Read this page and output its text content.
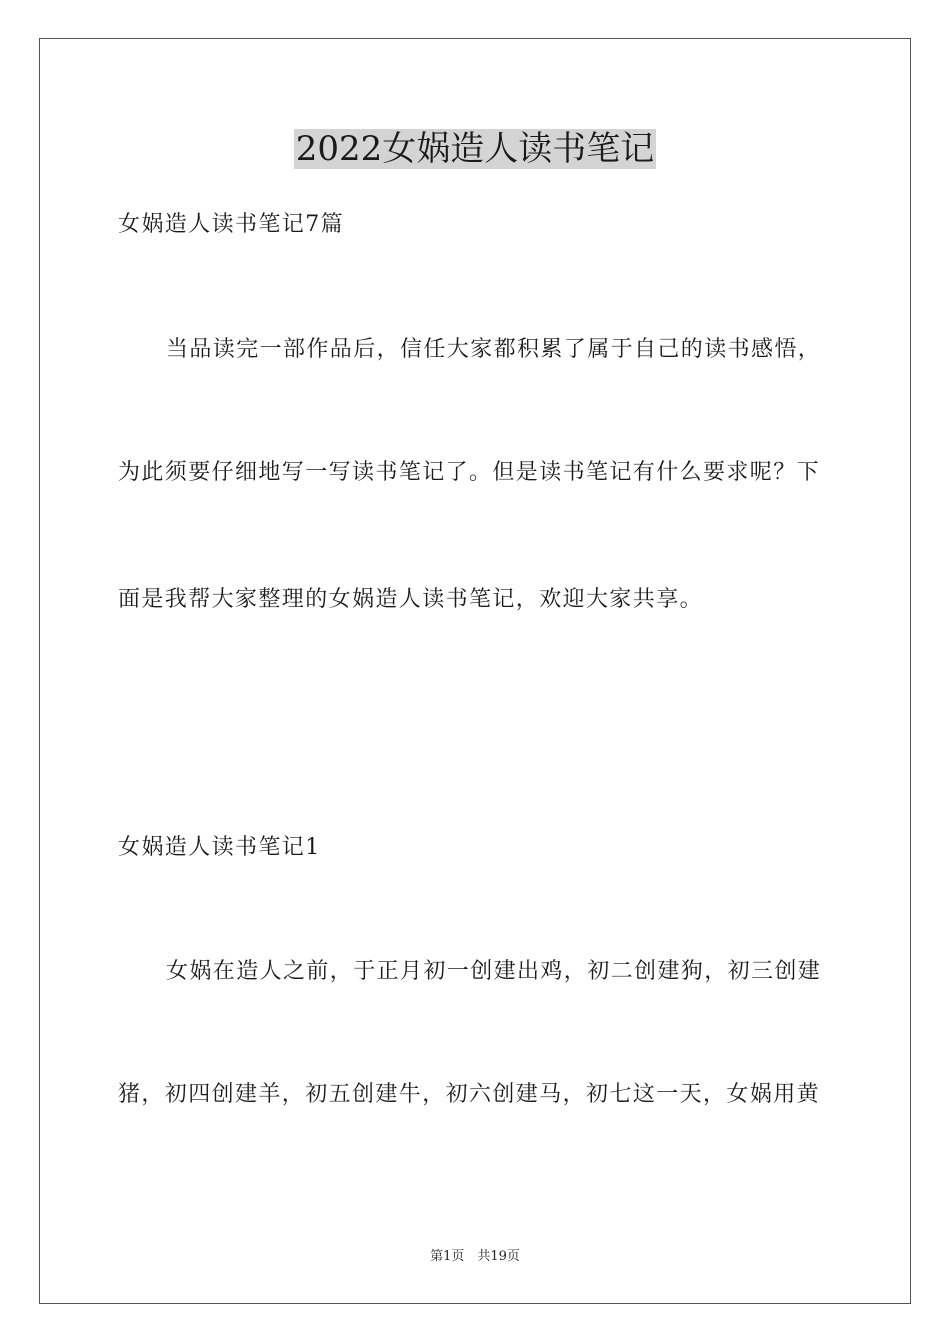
2022女娲造人读书笔记

女娲造人读书笔记7篇

当品读完一部作品后，信任大家都积累了属于自己的读书感悟，

为此须要仔细地写一写读书笔记了。但是读书笔记有什么要求呢？下

面是我帮大家整理的女娲造人读书笔记，欢迎大家共享。

女娲造人读书笔记1

女娲在造人之前，于正月初一创建出鸡，初二创建狗，初三创建

猪，初四创建羊，初五创建牛，初六创建马，初七这一天，女娲用黄

第1页　共19页
